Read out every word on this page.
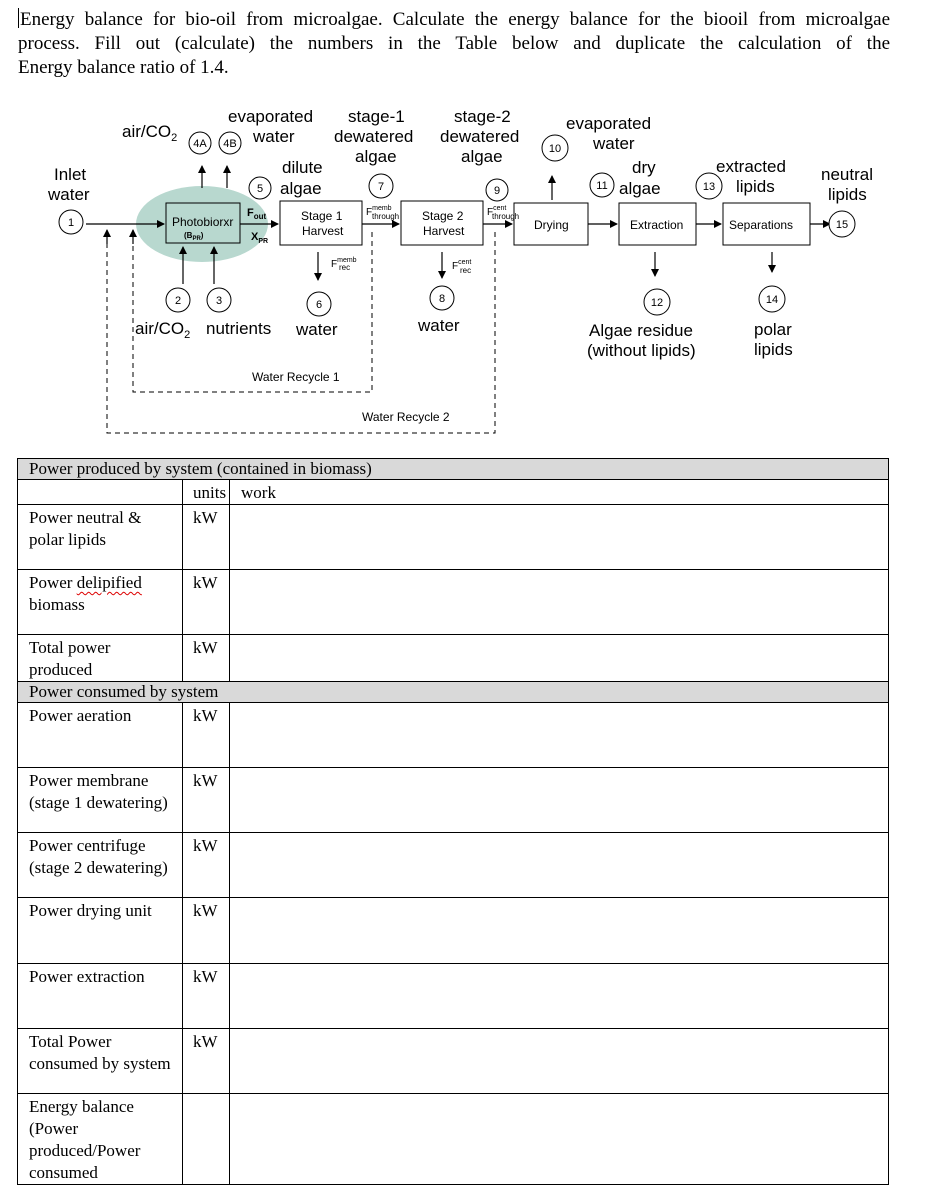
Energy balance for bio-oil from microalgae. Calculate the energy balance for the biooil from microalgae
process. Fill out (calculate) the numbers in the Table below and duplicate the calculation of the
Energy balance ratio of 1.4.
air/$CO_2$
evaporated
water
stage-1
dewatered
algae
stage-2
dewatered
algae
evaporated
water
Inlet
water
dilute
algae
dry
algae
extracted
lipids
neutral
lipids
Photobiorxr
$(B_{PR})$
Stage 1
Harvest
Stage 2
Harvest	Drying	Extraction	Separations
Water Recycle 1
Water Recycle 2
1
2	3
4A 4B
5
6
7
8
9
10
11
12
13
14
15
$F_{out}$
$X_{PR}$
$F^{memb}$
through	$F^{cent}$
through
$F^{memb}$
rec	$F^{cent}$
rec
air/$CO_2$ nutrients water	water	Algae residue
(without lipids)
polar
lipids
Power produced by system (contained in biomass)		
	units	work
Power neutral &
polar lipids	kW	
Power delipified
biomass	kW	
Total power
produced	kW	
Power consumed by system		
Power aeration	kW	
Power membrane
(stage 1 dewatering)	kW	
Power centrifuge
(stage 2 dewatering)	kW	
Power drying unit	kW	
Power extraction	kW	
Total Power
consumed by system	kW	
Energy balance
(Power
produced/Power
consumed		
